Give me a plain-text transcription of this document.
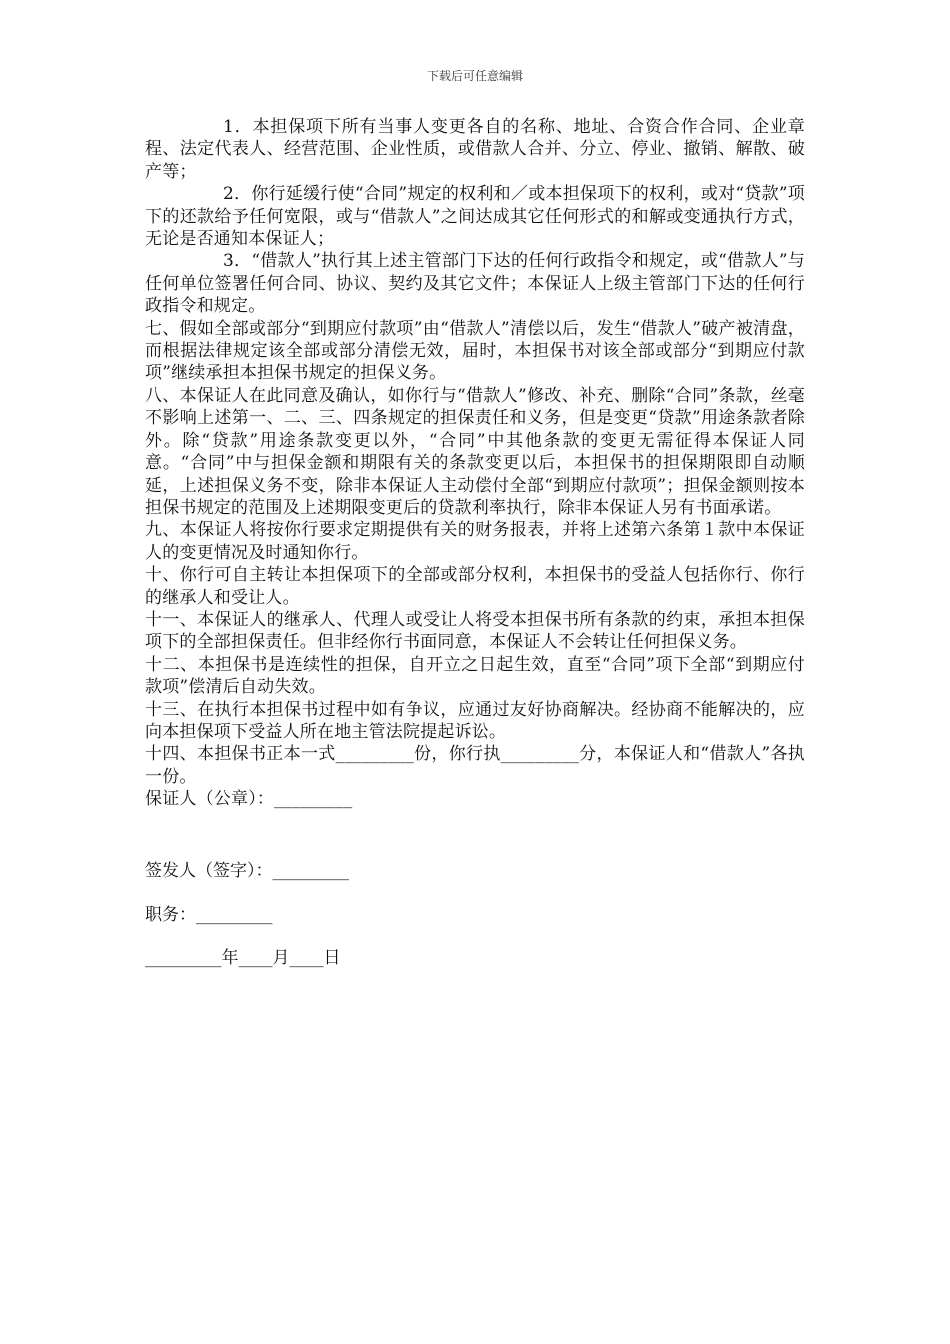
下载后可任意编辑

1．本担保项下所有当事人变更各自的名称、地址、合资合作合同、企业章程、法定代表人、经营范围、企业性质，或借款人合并、分立、停业、撤销、解散、破产等；

2．你行延缓行使“合同”规定的权利和／或本担保项下的权利，或对“贷款”项下的还款给予任何宽限，或与“借款人”之间达成其它任何形式的和解或变通执行方式，无论是否通知本保证人；

3．“借款人”执行其上述主管部门下达的任何行政指令和规定，或“借款人”与任何单位签署任何合同、协议、契约及其它文件；本保证人上级主管部门下达的任何行政指令和规定。

七、假如全部或部分“到期应付款项”由“借款人”清偿以后，发生“借款人”破产被清盘，而根据法律规定该全部或部分清偿无效，届时，本担保书对该全部或部分“到期应付款项”继续承担本担保书规定的担保义务。

八、本保证人在此同意及确认，如你行与“借款人”修改、补充、删除“合同”条款，丝毫不影响上述第一、二、三、四条规定的担保责任和义务，但是变更“贷款”用途条款者除外。除“贷款”用途条款变更以外，“合同”中其他条款的变更无需征得本保证人同意。“合同”中与担保金额和期限有关的条款变更以后，本担保书的担保期限即自动顺延，上述担保义务不变，除非本保证人主动偿付全部“到期应付款项”；担保金额则按本担保书规定的范围及上述期限变更后的贷款利率执行，除非本保证人另有书面承诺。

九、本保证人将按你行要求定期提供有关的财务报表，并将上述第六条第１款中本保证人的变更情况及时通知你行。

十、你行可自主转让本担保项下的全部或部分权利，本担保书的受益人包括你行、你行的继承人和受让人。

十一、本保证人的继承人、代理人或受让人将受本担保书所有条款的约束，承担本担保项下的全部担保责任。但非经你行书面同意，本保证人不会转让任何担保义务。

十二、本担保书是连续性的担保，自开立之日起生效，直至“合同”项下全部“到期应付款项”偿清后自动失效。

十三、在执行本担保书过程中如有争议，应通过友好协商解决。经协商不能解决的，应向本担保项下受益人所在地主管法院提起诉讼。

十四、本担保书正本一式_________份，你行执_________分，本保证人和“借款人”各执一份。

保证人（公章）：_________

签发人（签字）：_________
职务：_________
_________年____月____日
